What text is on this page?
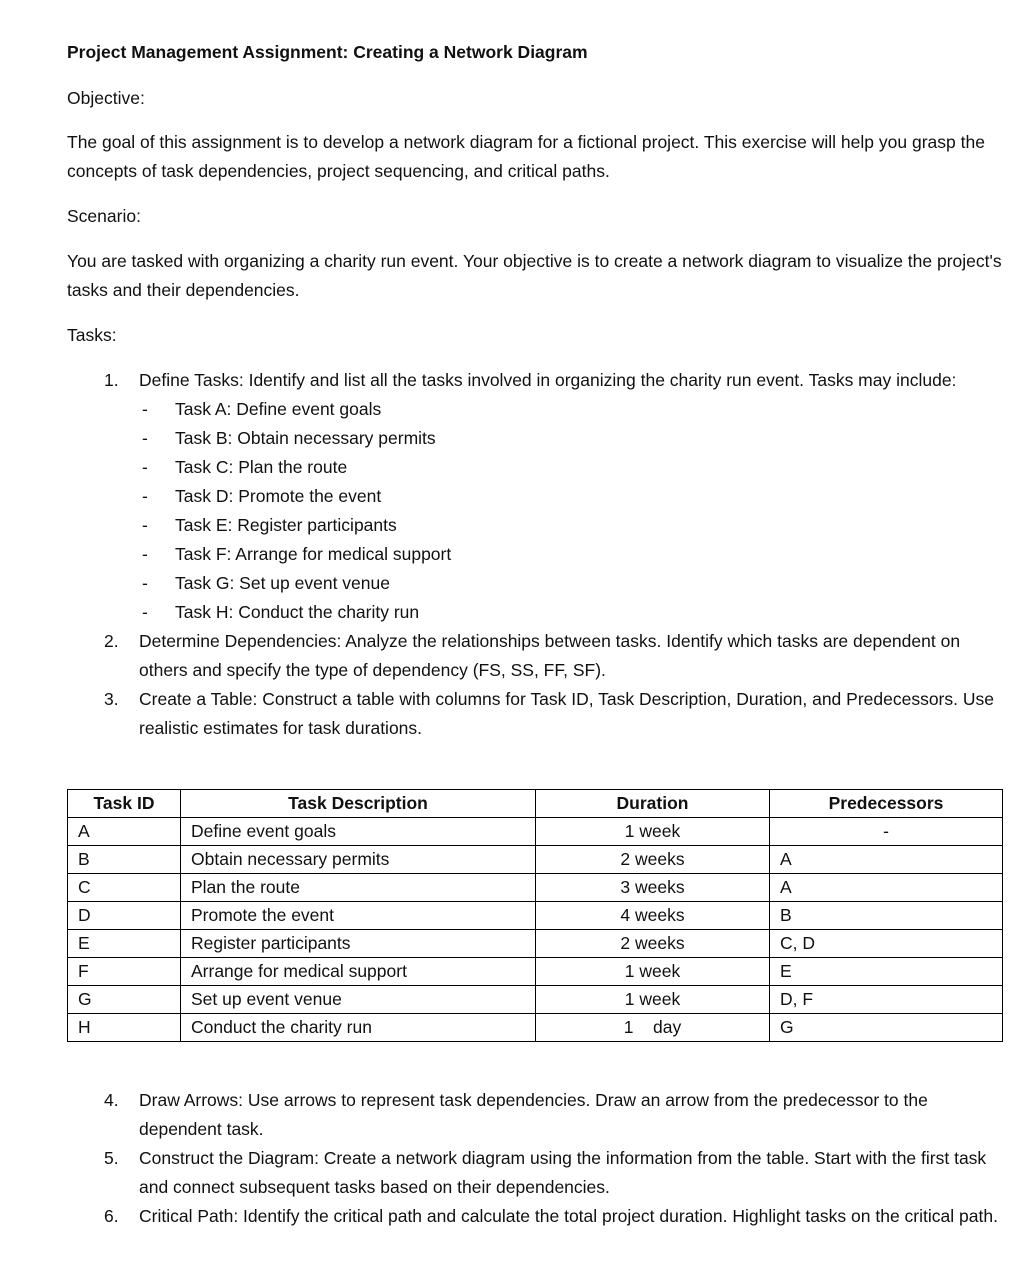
Project Management Assignment: Creating a Network Diagram
Objective:
The goal of this assignment is to develop a network diagram for a fictional project. This exercise will help you grasp the concepts of task dependencies, project sequencing, and critical paths.
Scenario:
You are tasked with organizing a charity run event. Your objective is to create a network diagram to visualize the project's tasks and their dependencies.
Tasks:
1. Define Tasks: Identify and list all the tasks involved in organizing the charity run event. Tasks may include:
- Task A: Define event goals
- Task B: Obtain necessary permits
- Task C: Plan the route
- Task D: Promote the event
- Task E: Register participants
- Task F: Arrange for medical support
- Task G: Set up event venue
- Task H: Conduct the charity run
2. Determine Dependencies: Analyze the relationships between tasks. Identify which tasks are dependent on others and specify the type of dependency (FS, SS, FF, SF).
3. Create a Table: Construct a table with columns for Task ID, Task Description, Duration, and Predecessors. Use realistic estimates for task durations.
Task ID	Task Description	Duration	Predecessors
A	Define event goals	1 week	-
B	Obtain necessary permits	2 weeks	A
C	Plan the route	3 weeks	A
D	Promote the event	4 weeks	B
E	Register participants	2 weeks	C, D
F	Arrange for medical support	1 week	E
G	Set up event venue	1 week	D, F
H	Conduct the charity run	1    day	G
4. Draw Arrows: Use arrows to represent task dependencies. Draw an arrow from the predecessor to the dependent task.
5. Construct the Diagram: Create a network diagram using the information from the table. Start with the first task and connect subsequent tasks based on their dependencies.
6. Critical Path: Identify the critical path and calculate the total project duration. Highlight tasks on the critical path.
